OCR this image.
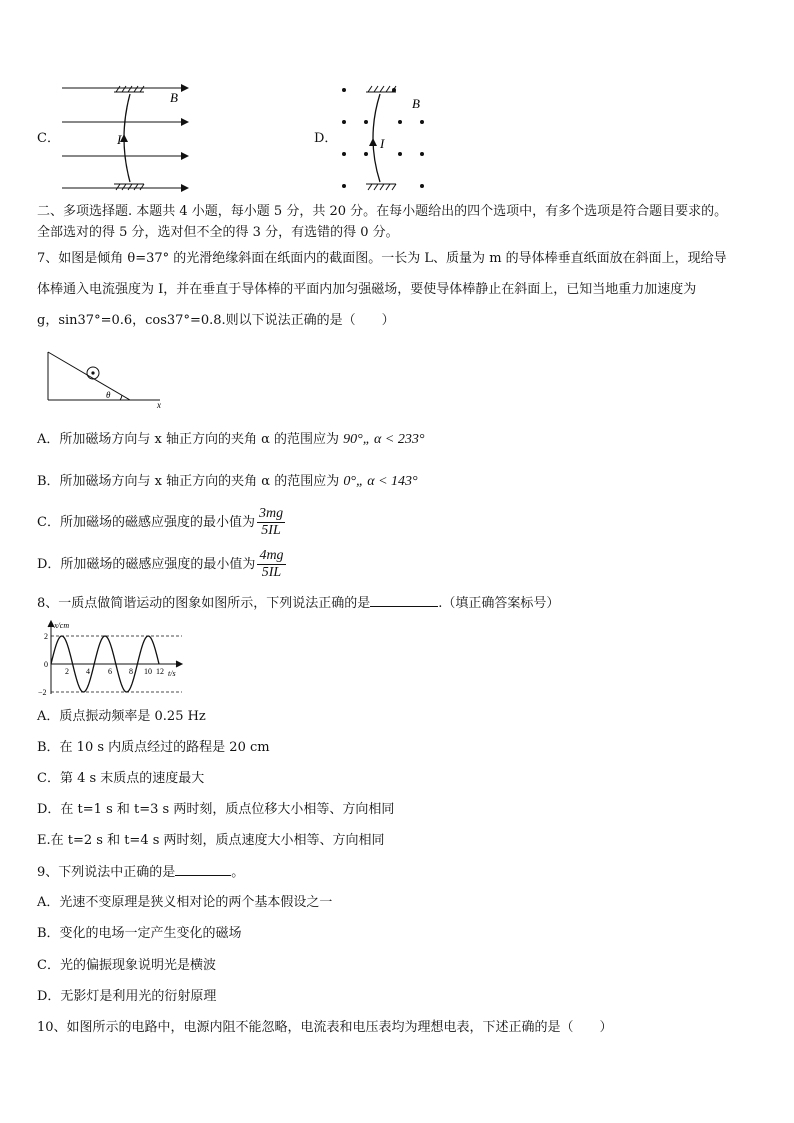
C．
B
I	D．
B
I
二、多项选择题. 本题共 4 小题，每小题 5 分，共 20 分。在每小题给出的四个选项中，有多个选项是符合题目要求的。
全部选对的得 5 分，选对但不全的得 3 分，有选错的得 0 分。
7、如图是倾角 θ=37° 的光滑绝缘斜面在纸面内的截面图。一长为 L、质量为 m 的导体棒垂直纸面放在斜面上，现给导
体棒通入电流强度为 I，并在垂直于导体棒的平面内加匀强磁场，要使导体棒静止在斜面上，已知当地重力加速度为
g，sin37°=0.6，cos37°=0.8.则以下说法正确的是（　　）
θ
x
A．所加磁场方向与 x 轴正方向的夹角 α 的范围应为 90°„ α < 233°
B．所加磁场方向与 x 轴正方向的夹角 α 的范围应为 0°„ α < 143°
C．所加磁场的磁感应强度的最小值为 $\frac{3mg}{5IL}$
D．所加磁场的磁感应强度的最小值为 $\frac{4mg}{5IL}$
8、一质点做简谐运动的图象如图所示，下列说法正确的是	.（填正确答案标号）
x/cm
t/s
2
0
−2
2 4 6 8 10 12
A．质点振动频率是 0.25 Hz
B．在 10 s 内质点经过的路程是 20 cm
C．第 4 s 末质点的速度最大
D．在 t=1 s 和 t=3 s 两时刻，质点位移大小相等、方向相同
E.在 t=2 s 和 t=4 s 两时刻，质点速度大小相等、方向相同
9、下列说法中正确的是	。
A．光速不变原理是狭义相对论的两个基本假设之一
B．变化的电场一定产生变化的磁场
C．光的偏振现象说明光是横波
D．无影灯是利用光的衍射原理
10、如图所示的电路中，电源内阻不能忽略，电流表和电压表均为理想电表，下述正确的是（　　）
